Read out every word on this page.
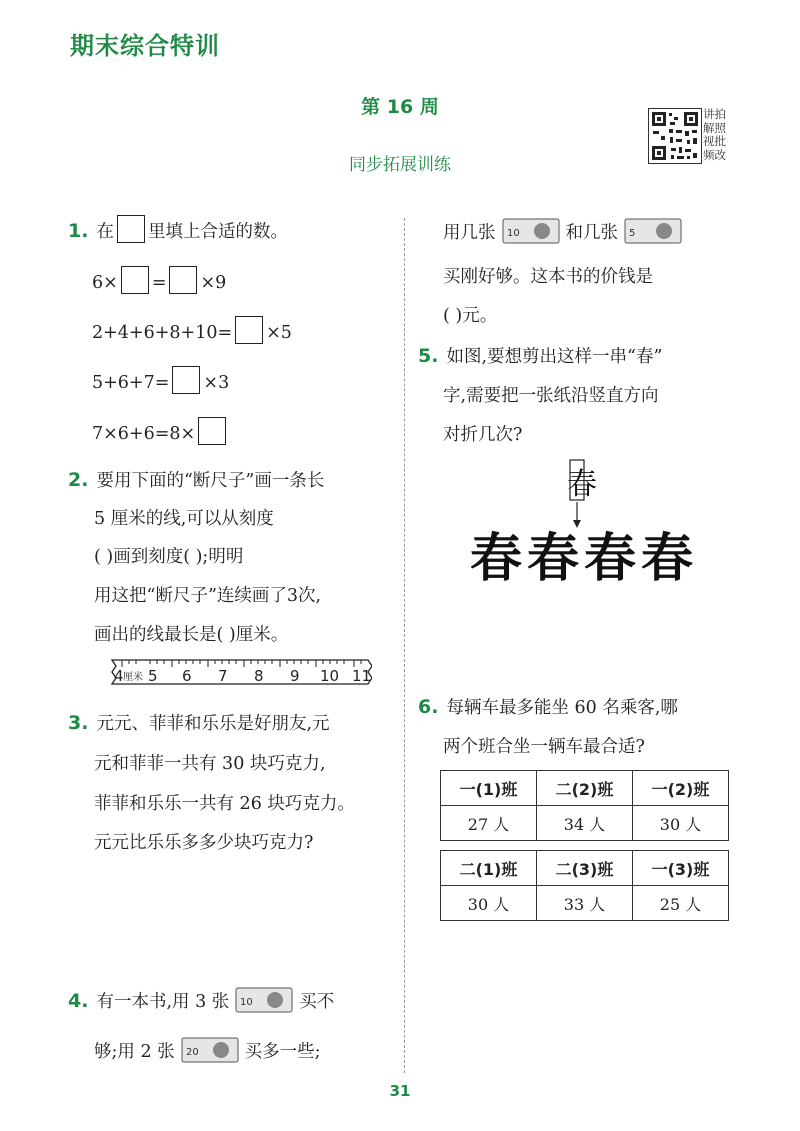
期末综合特训
第 16 周
同步拓展训练
讲拍
解照
视批
频改
1. 在 里填上合适的数。
6× = ×9
2+4+6+8+10= ×5
5+6+7= ×3
7×6+6=8×
2. 要用下面的“断尺子”画一条长
5 厘米的线,可以从刻度
( )画到刻度( );明明
用这把“断尺子”连续画了3次,
画出的线最长是( )厘米。
4 厘米 5 6 7 8 9 10 11
3. 元元、菲菲和乐乐是好朋友,元
元和菲菲一共有 30 块巧克力,
菲菲和乐乐一共有 26 块巧克力。
元元比乐乐多多少块巧克力?
4. 有一本书,用 3 张 10	买不
够;用 2 张 20	买多一些;
用几张 10	和几张 5
买刚好够。这本书的价钱是
( )元。
5. 如图,要想剪出这样一串“春”
字,需要把一张纸沿竖直方向
对折几次?
春
春 春 春 春
6. 每辆车最多能坐 60 名乘客,哪
两个班合坐一辆车最合适?
一(1)班	二(2)班	一(2)班
27 人	34 人	30 人
二(1)班	二(3)班	一(3)班
30 人	33 人	25 人
31
